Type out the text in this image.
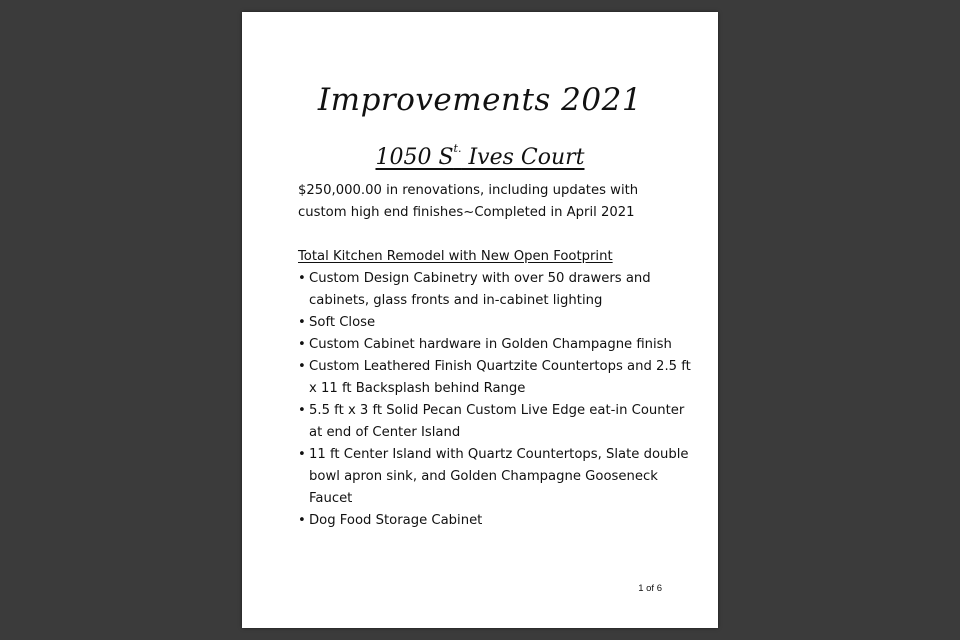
Improvements 2021
1050 $S^{t.}$ Ives Court

$250,000.00 in renovations, including updates with
custom high end finishes~Completed in April 2021

Total Kitchen Remodel with New Open Footprint

• Custom Design Cabinetry with over 50 drawers and cabinets, glass fronts and in-cabinet lighting
• Soft Close
• Custom Cabinet hardware in Golden Champagne finish
• Custom Leathered Finish Quartzite Countertops and 2.5 ft x 11 ft Backsplash behind Range
• 5.5 ft x 3 ft Solid Pecan Custom Live Edge eat-in Counter at end of Center Island
• 11 ft Center Island with Quartz Countertops, Slate double bowl apron sink, and Golden Champagne Gooseneck Faucet
• Dog Food Storage Cabinet
1 of 6
